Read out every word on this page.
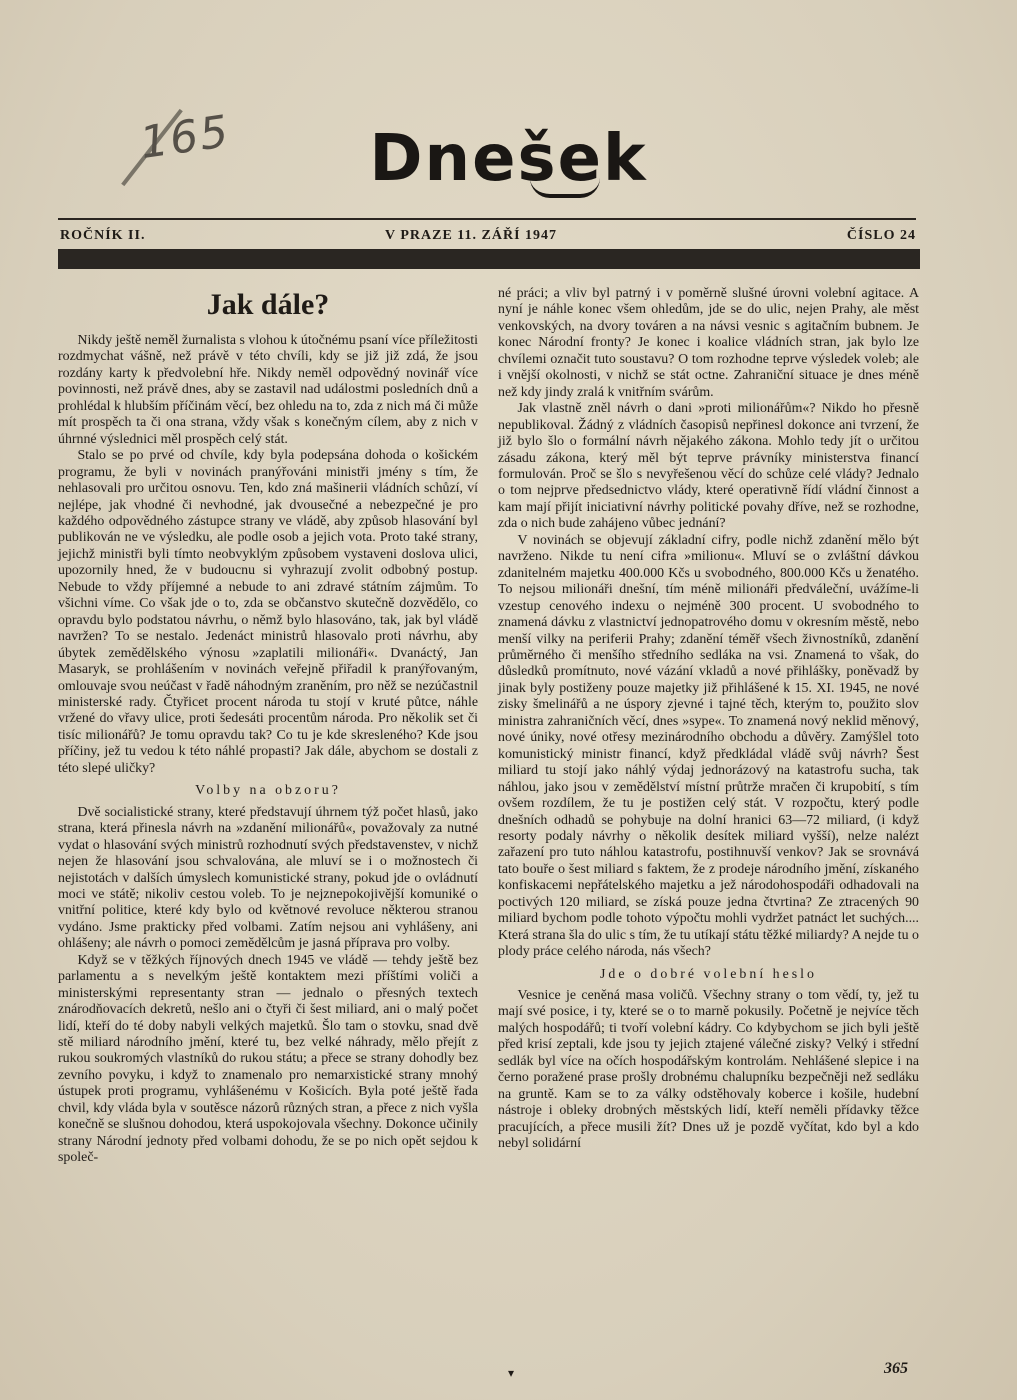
165	Dnešek
ROČNÍK II.	V PRAZE 11. ZÁŘÍ 1947	ČÍSLO 24
Jak dále?

Nikdy ještě neměl žurnalista s vlohou k útočnému psaní více příležitosti rozdmychat vášně, než právě v této chvíli, kdy se již již zdá, že jsou rozdány karty k předvolební hře. Nikdy neměl odpovědný novinář více povinnosti, než právě dnes, aby se zastavil nad událostmi posledních dnů a prohlédal k hlubším příčinám věcí, bez ohledu na to, zda z nich má či může mít prospěch ta či ona strana, vždy však s konečným cílem, aby z nich v úhrnné výslednici měl prospěch celý stát.

Stalo se po prvé od chvíle, kdy byla podepsána dohoda o košickém programu, že byli v novinách pranýřováni ministři jmény s tím, že nehlasovali pro určitou osnovu. Ten, kdo zná mašinerii vládních schůzí, ví nejlépe, jak vhodné či nevhodné, jak dvousečné a nebezpečné je pro každého odpovědného zástupce strany ve vládě, aby způsob hlasování byl publikován ne ve výsledku, ale podle osob a jejich vota. Proto také strany, jejichž ministři byli tímto neobvyklým způsobem vystaveni doslova ulici, upozornily hned, že v budoucnu si vyhrazují zvolit odbobný postup. Nebude to vždy příjemné a nebude to ani zdravé státním zájmům. To všichni víme. Co však jde o to, zda se občanstvo skutečně dozvědělo, co opravdu bylo podstatou návrhu, o němž bylo hlasováno, tak, jak byl vládě navržen? To se nestalo. Jedenáct ministrů hlasovalo proti návrhu, aby úbytek zemědělského výnosu »zaplatili milionáři«. Dvanáctý, Jan Masaryk, se prohlášením v novinách veřejně přiřadil k pranýřovaným, omlouvaje svou neúčast v řadě náhodným zraněním, pro něž se nezúčastnil ministerské rady. Čtyřicet procent národa tu stojí v kruté půtce, náhle vržené do vřavy ulice, proti šedesáti procentům národa. Pro několik set či tisíc milionářů? Je tomu opravdu tak? Co tu je kde skresleného? Kde jsou příčiny, jež tu vedou k této náhlé propasti? Jak dále, abychom se dostali z této slepé uličky?

Volby na obzoru?

Dvě socialistické strany, které představují úhrnem týž počet hlasů, jako strana, která přinesla návrh na »zdanění milionářů«, považovaly za nutné vydat o hlasování svých ministrů rozhodnutí svých představenstev, v nichž nejen že hlasování jsou schvalována, ale mluví se i o možnostech či nejistotách v dalších úmyslech komunistické strany, pokud jde o ovládnutí moci ve státě; nikoliv cestou voleb. To je nejznepokojivější komuniké o vnitřní politice, které kdy bylo od květnové revoluce některou stranou vydáno. Jsme prakticky před volbami. Zatím nejsou ani vyhlášeny, ani ohlášeny; ale návrh o pomoci zemědělcům je jasná příprava pro volby.

Když se v těžkých říjnových dnech 1945 ve vládě — tehdy ještě bez parlamentu a s nevelkým ještě kontaktem mezi příštími voliči a ministerskými representanty stran — jednalo o přesných textech znárodňovacích dekretů, nešlo ani o čtyři či šest miliard, ani o malý počet lidí, kteří do té doby nabyli velkých majetků. Šlo tam o stovku, snad dvě stě miliard národního jmění, které tu, bez velké náhrady, mělo přejít z rukou soukromých vlastníků do rukou státu; a přece se strany dohodly bez zevního povyku, i když to znamenalo pro nemarxistické strany mnohý ústupek proti programu, vyhlášenému v Košicích. Byla poté ještě řada chvil, kdy vláda byla v soutěsce názorů různých stran, a přece z nich vyšla konečně se slušnou dohodou, která uspokojovala všechny. Dokonce učinily strany Národní jednoty před volbami dohodu, že se po nich opět sejdou k společ-

né práci; a vliv byl patrný i v poměrně slušné úrovni volební agitace. A nyní je náhle konec všem ohledům, jde se do ulic, nejen Prahy, ale měst venkovských, na dvory továren a na návsi vesnic s agitačním bubnem. Je konec Národní fronty? Je konec i koalice vládních stran, jak bylo lze chvílemi označit tuto soustavu? O tom rozhodne teprve výsledek voleb; ale i vnější okolnosti, v nichž se stát octne. Zahraniční situace je dnes méně než kdy jindy zralá k vnitřním svárům.

Jak vlastně zněl návrh o dani »proti milionářům«? Nikdo ho přesně nepublikoval. Žádný z vládních časopisů nepřinesl dokonce ani tvrzení, že již bylo šlo o formální návrh nějakého zákona. Mohlo tedy jít o určitou zásadu zákona, který měl být teprve právníky ministerstva financí formulován. Proč se šlo s nevyřešenou věcí do schůze celé vlády? Jednalo o tom nejprve předsednictvo vlády, které operativně řídí vládní činnost a kam mají přijít iniciativní návrhy politické povahy dříve, než se rozhodne, zda o nich bude zahájeno vůbec jednání?

V novinách se objevují základní cifry, podle nichž zdanění mělo být navrženo. Nikde tu není cifra »milionu«. Mluví se o zvláštní dávkou zdanitelném majetku 400.000 Kčs u svobodného, 800.000 Kčs u ženatého. To nejsou milionáři dnešní, tím méně milionáři předváleční, uvážíme-li vzestup cenového indexu o nejméně 300 procent. U svobodného to znamená dávku z vlastnictví jednopatrového domu v okresním městě, nebo menší vilky na periferii Prahy; zdanění téměř všech živnostníků, zdanění průměrného či menšího středního sedláka na vsi. Znamená to však, do důsledků promítnuto, nové vázání vkladů a nové přihlášky, poněvadž by jinak byly postiženy pouze majetky již přihlášené k 15. XI. 1945, ne nové zisky šmelinářů a ne úspory zjevné i tajné těch, kterým to, použito slov ministra zahraničních věcí, dnes »sype«. To znamená nový neklid měnový, nové úniky, nové otřesy mezinárodního obchodu a důvěry. Zamýšlel toto komunistický ministr financí, když předkládal vládě svůj návrh? Šest miliard tu stojí jako náhlý výdaj jednorázový na katastrofu sucha, tak náhlou, jako jsou v zemědělství místní průtrže mračen či krupobití, s tím ovšem rozdílem, že tu je postižen celý stát. V rozpočtu, který podle dnešních odhadů se pohybuje na dolní hranici 63—72 miliard, (i když resorty podaly návrhy o několik desítek miliard vyšší), nelze nalézt zařazení pro tuto náhlou katastrofu, postihnuvší venkov? Jak se srovnává tato bouře o šest miliard s faktem, že z prodeje národního jmění, získaného konfiskacemi nepřátelského majetku a jež národohospodáři odhadovali na poctivých 120 miliard, se získá pouze jedna čtvrtina? Ze ztracených 90 miliard bychom podle tohoto výpočtu mohli vydržet patnáct let suchých.... Která strana šla do ulic s tím, že tu utíkají státu těžké miliardy? A nejde tu o plody práce celého národa, nás všech?

Jde o dobré volební heslo

Vesnice je ceněná masa voličů. Všechny strany o tom vědí, ty, jež tu mají své posice, i ty, které se o to marně pokusily. Početně je nejvíce těch malých hospodářů; ti tvoří volební kádry. Co kdybychom se jich byli ještě před krisí zeptali, kde jsou ty jejich ztajené válečné zisky? Velký i střední sedlák byl více na očích hospodářským kontrolám. Nehlášené slepice i na černo poražené prase prošly drobnému chalupníku bezpečněji než sedláku na gruntě. Kam se to za války odstěhovaly koberce i košile, hudební nástroje i obleky drobných městských lidí, kteří neměli přídavky těžce pracujících, a přece musili žít? Dnes už je pozdě vyčítat, kdo byl a kdo nebyl solidární

▾	365
